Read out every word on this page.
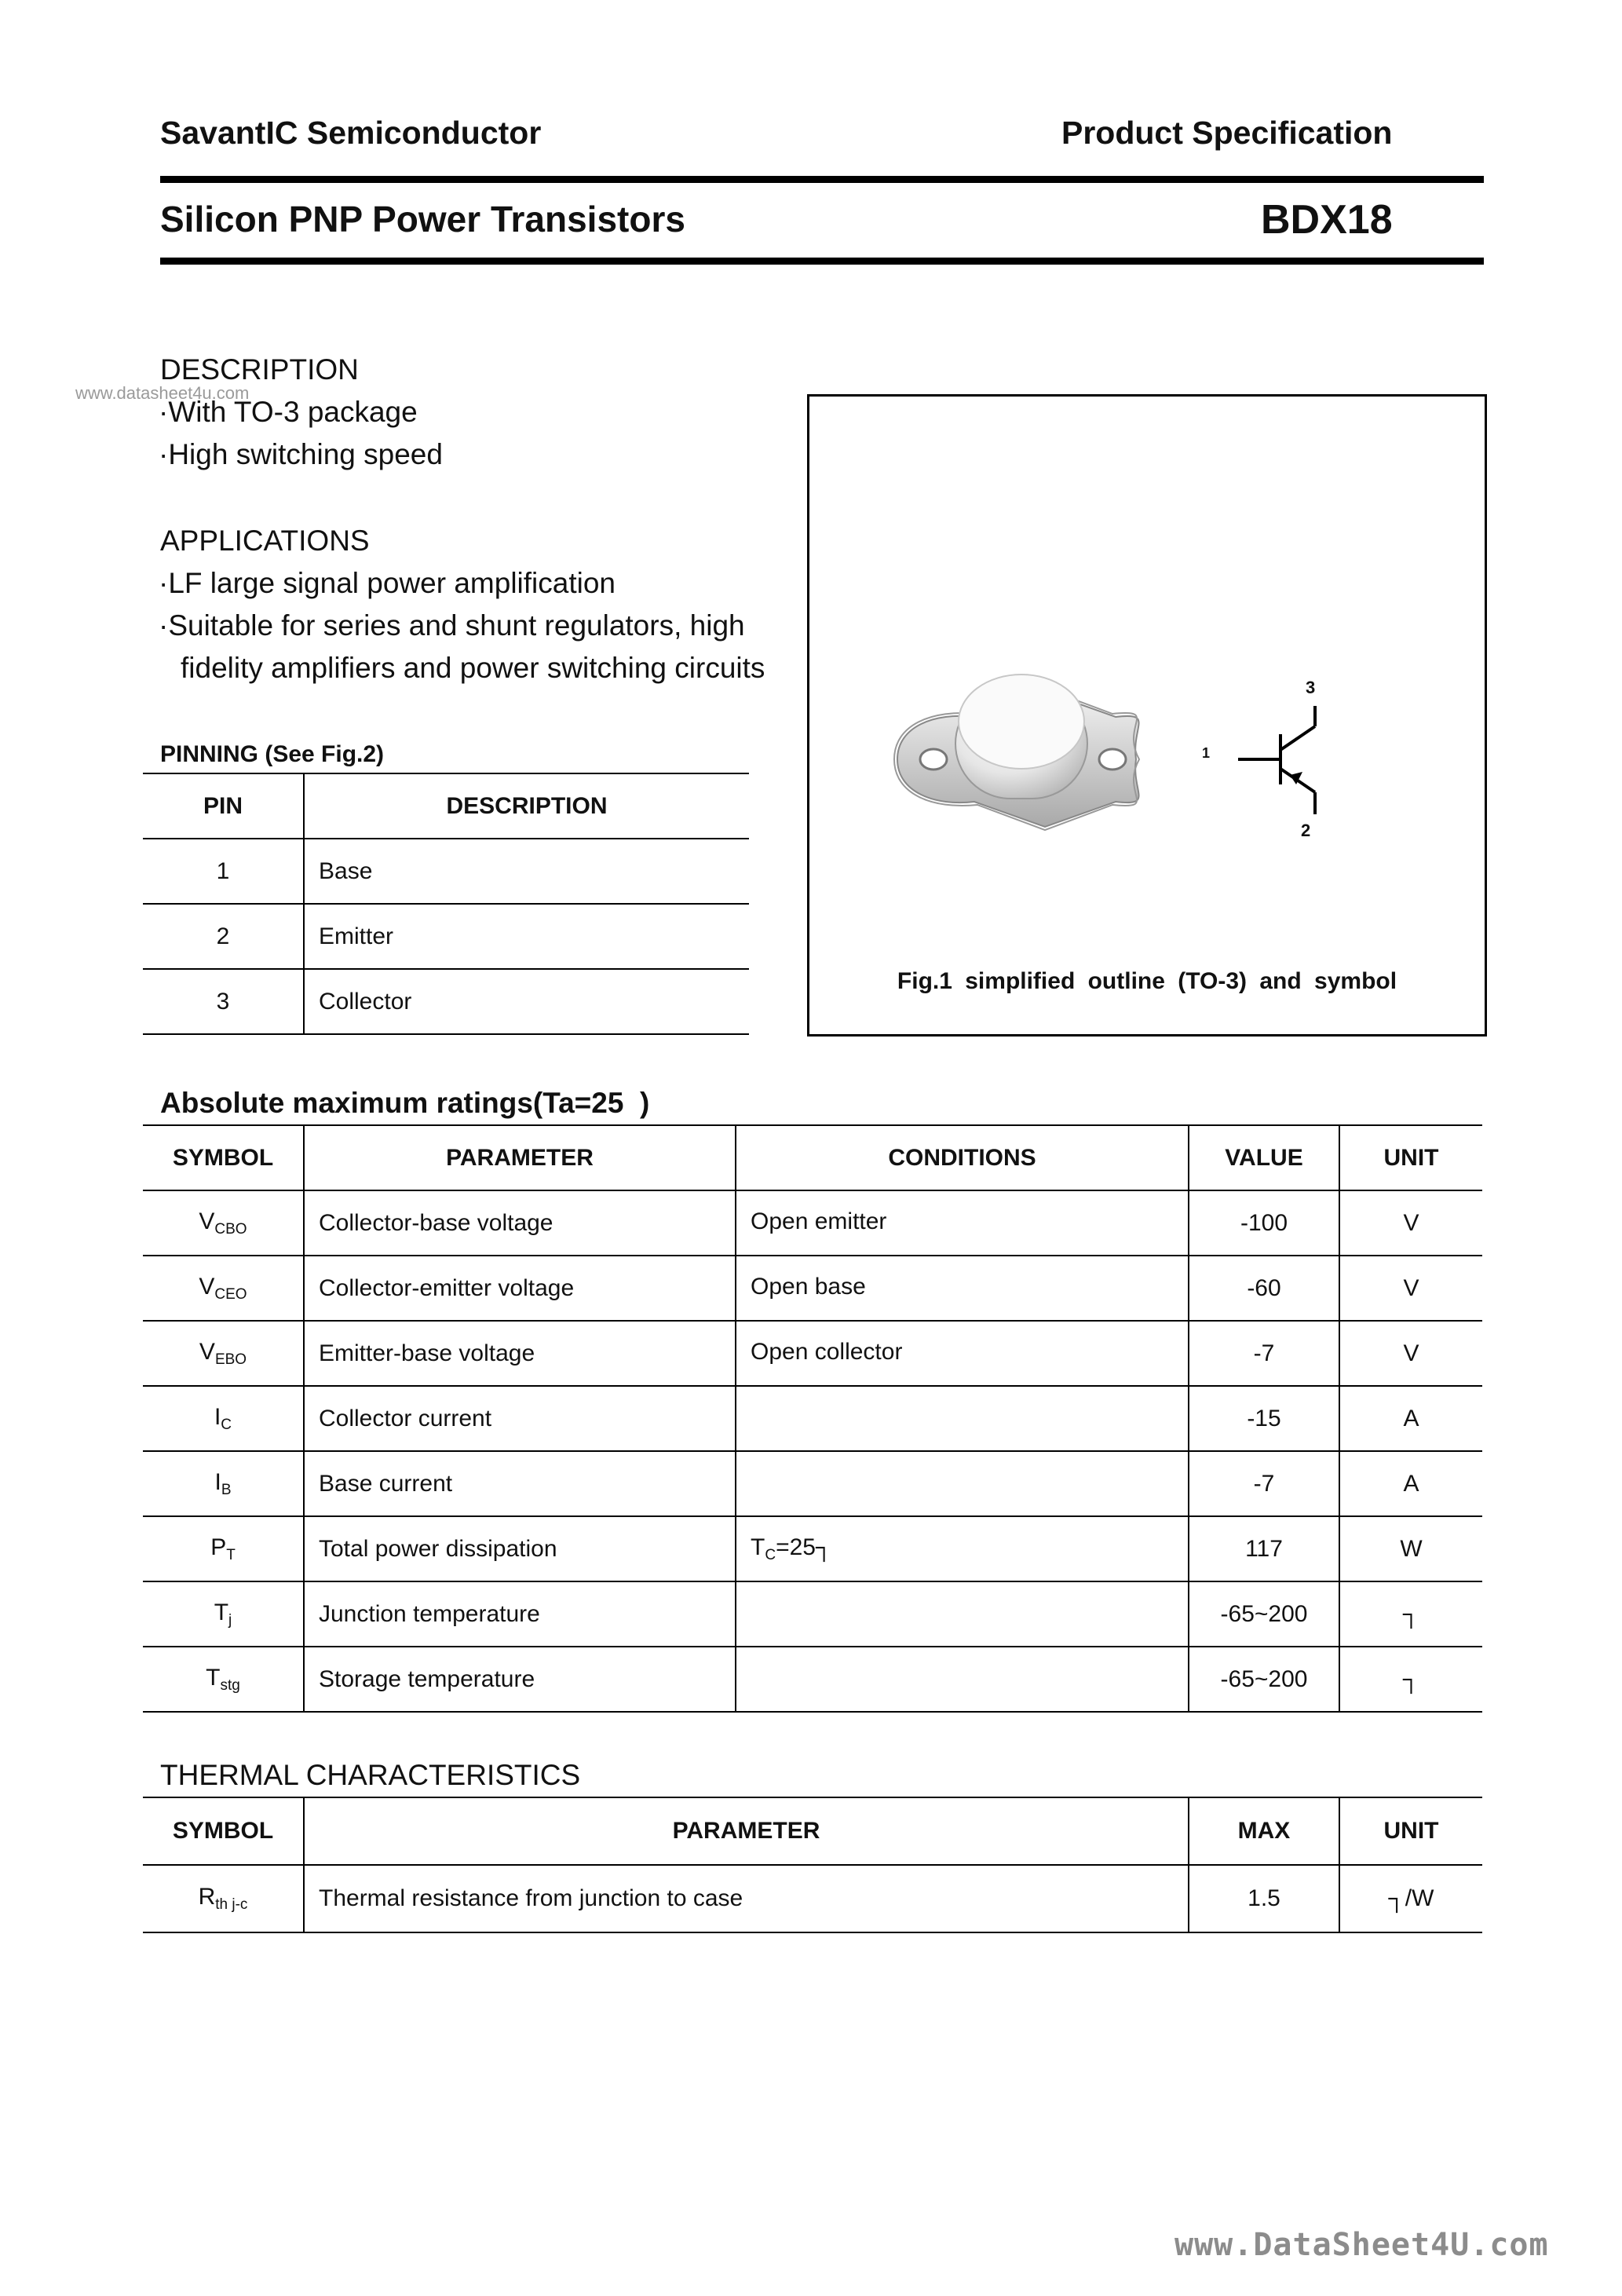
SavantIC Semiconductor	Product Specification
Silicon PNP Power Transistors	BDX18
www.datasheet4u.com
DESCRIPTION
·With TO-3 package
·High switching speed
APPLICATIONS
·LF large signal power amplification
·Suitable for series and shunt regulators, high
fidelity amplifiers and power switching circuits
PINNING (See Fig.2)
PIN	DESCRIPTION
1	Base
2	Emitter
3	Collector
1
2
3
Fig.1 simplified outline (TO-3) and symbol
Absolute maximum ratings(Ta=25  )
SYMBOL	PARAMETER	CONDITIONS	VALUE	UNIT
$V_{CBO}$	Collector-base voltage	Open emitter	-100	V
$V_{CEO}$	Collector-emitter voltage	Open base	-60	V
$V_{EBO}$	Emitter-base voltage	Open collector	-7	V
$I_C$	Collector current		-15	A
$I_B$	Base current		-7	A
$P_T$	Total power dissipation	$T_C=25┐$	117	W
$T_j$	Junction temperature		-65~200	┐
$T_{stg}$	Storage temperature		-65~200	┐
THERMAL CHARACTERISTICS
SYMBOL	PARAMETER	MAX	UNIT
$R_{th j-c}$	Thermal resistance from junction to case	1.5	┐/W
www.DataSheet4U.com
